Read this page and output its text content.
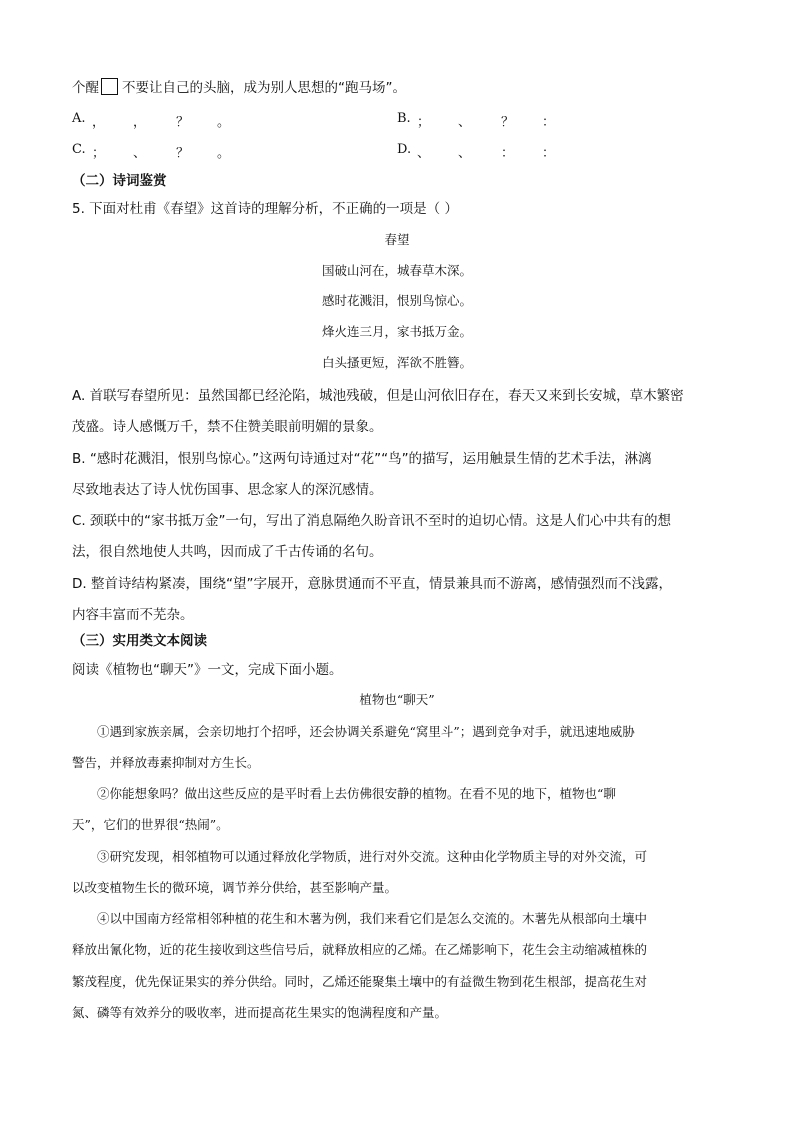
个醒 不要让自己的头脑，成为别人思想的“跑马场”。
A. ， ， ？ 。	B. ； 、 ？ ：
C. ； 、 ？ 。	D. 、 、 ： ：
（二）诗词鉴赏
5. 下面对杜甫《春望》这首诗的理解分析，不正确的一项是（ ）
春望
国破山河在，城春草木深。
感时花溅泪，恨别鸟惊心。
烽火连三月，家书抵万金。
白头搔更短，浑欲不胜簪。
A. 首联写春望所见：虽然国都已经沦陷，城池残破，但是山河依旧存在，春天又来到长安城，草木繁密
茂盛。诗人感慨万千，禁不住赞美眼前明媚的景象。
B. “感时花溅泪，恨别鸟惊心。”这两句诗通过对“花”“鸟”的描写，运用触景生情的艺术手法，淋漓
尽致地表达了诗人忧伤国事、思念家人的深沉感情。
C. 颈联中的“家书抵万金”一句，写出了消息隔绝久盼音讯不至时的迫切心情。这是人们心中共有的想
法，很自然地使人共鸣，因而成了千古传诵的名句。
D. 整首诗结构紧凑，围绕“望”字展开，意脉贯通而不平直，情景兼具而不游离，感情强烈而不浅露，
内容丰富而不芜杂。
（三）实用类文本阅读
阅读《植物也“聊天”》一文，完成下面小题。
植物也“聊天”
①遇到家族亲属，会亲切地打个招呼，还会协调关系避免“窝里斗”；遇到竞争对手，就迅速地威胁
警告，并释放毒素抑制对方生长。
②你能想象吗？做出这些反应的是平时看上去仿佛很安静的植物。在看不见的地下，植物也“聊
天”，它们的世界很“热闹”。
③研究发现，相邻植物可以通过释放化学物质，进行对外交流。这种由化学物质主导的对外交流，可
以改变植物生长的微环境，调节养分供给，甚至影响产量。
④以中国南方经常相邻种植的花生和木薯为例，我们来看它们是怎么交流的。木薯先从根部向土壤中
释放出氰化物，近的花生接收到这些信号后，就释放相应的乙烯。在乙烯影响下，花生会主动缩减植株的
繁茂程度，优先保证果实的养分供给。同时，乙烯还能聚集土壤中的有益微生物到花生根部，提高花生对
氮、磷等有效养分的吸收率，进而提高花生果实的饱满程度和产量。
